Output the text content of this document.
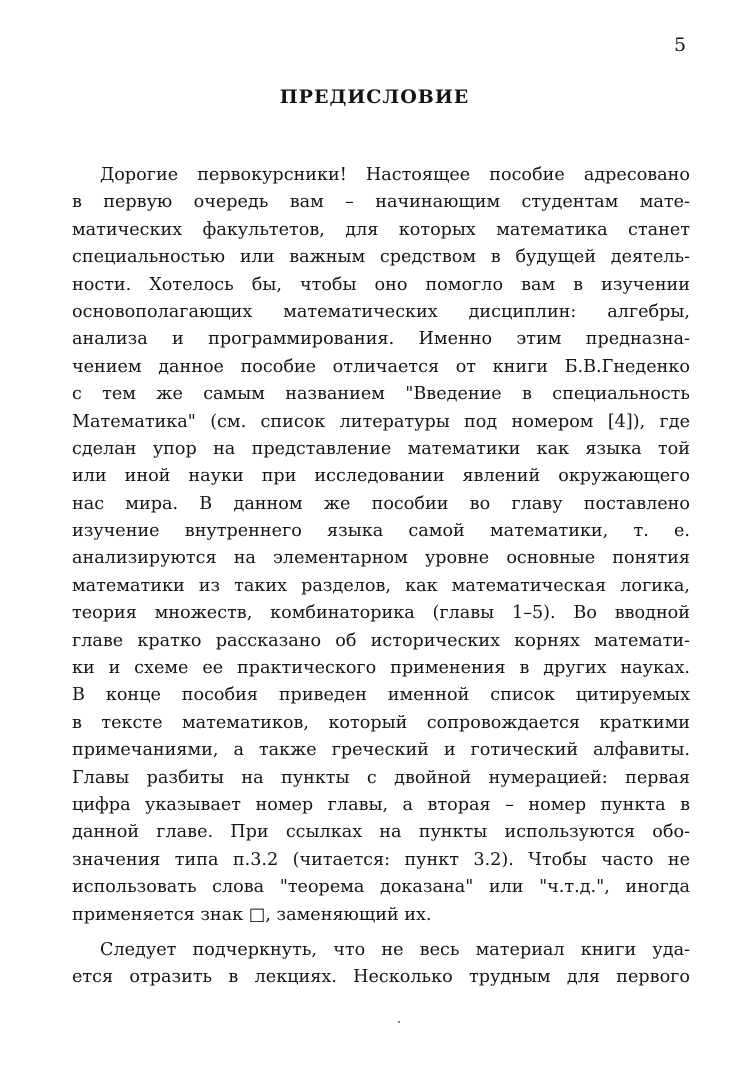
5
ПРЕДИСЛОВИЕ
Дорогие первокурсники! Настоящее пособие адресовано
в первую очередь вам – начинающим студентам мате-
матических факультетов, для которых математика станет
специальностью или важным средством в будущей деятель-
ности. Хотелось бы, чтобы оно помогло вам в изучении
основополагающих математических дисциплин: алгебры,
анализа и программирования. Именно этим предназна-
чением данное пособие отличается от книги Б.В.Гнеденко
с тем же самым названием "Введение в специальность
Математика" (см. список литературы под номером [4]), где
сделан упор на представление математики как языка той
или иной науки при исследовании явлений окружающего
нас мира. В данном же пособии во главу поставлено
изучение внутреннего языка самой математики, т. е.
анализируются на элементарном уровне основные понятия
математики из таких разделов, как математическая логика,
теория множеств, комбинаторика (главы 1–5). Во вводной
главе кратко рассказано об исторических корнях математи-
ки и схеме ее практического применения в других науках.
В конце пособия приведен именной список цитируемых
в тексте математиков, который сопровождается краткими
примечаниями, а также греческий и готический алфавиты.
Главы разбиты на пункты с двойной нумерацией: первая
цифра указывает номер главы, а вторая – номер пункта в
данной главе. При ссылках на пункты используются обо-
значения типа п.3.2 (читается: пункт 3.2). Чтобы часто не
использовать слова "теорема доказана" или "ч.т.д.", иногда
применяется знак □, заменяющий их.
Следует подчеркнуть, что не весь материал книги уда-
ется отразить в лекциях. Несколько трудным для первого
